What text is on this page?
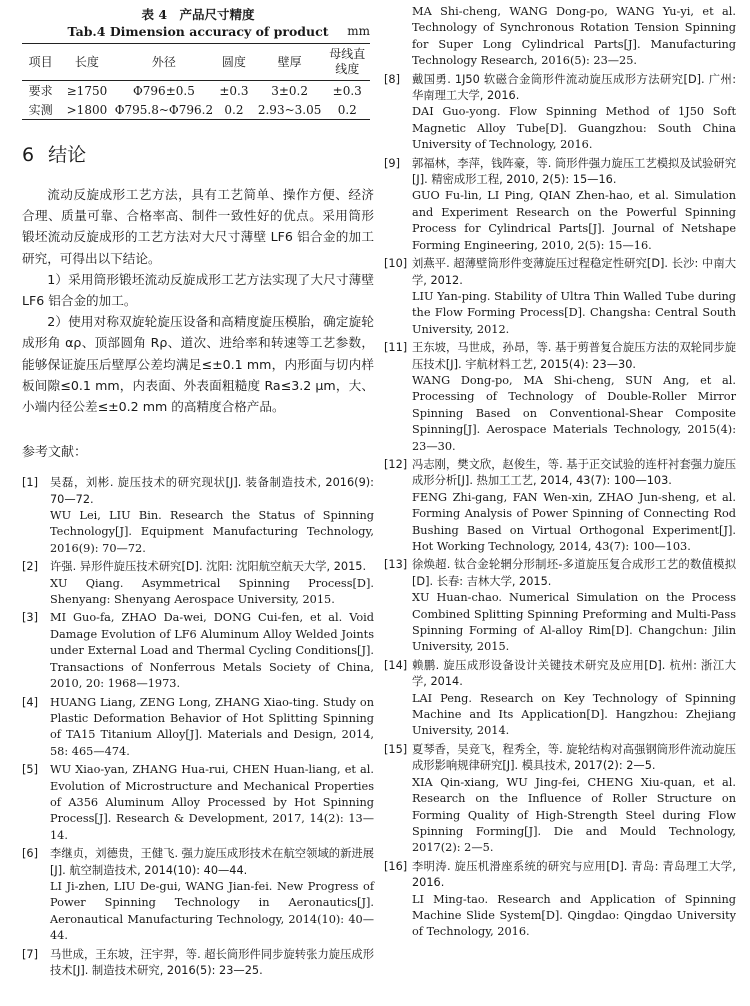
表 4　产品尺寸精度
Tab.4 Dimension accuracy of product mm
项目	长度	外径	圆度	壁厚	母线直线度
要求	≥1750	Φ796±0.5	±0.3	3±0.2	±0.3
实测	>1800	Φ795.8~Φ796.2	0.2	2.93~3.05	0.2
6 结论

流动反旋成形工艺方法，具有工艺简单、操作方便、经济合理、质量可靠、合格率高、制件一致性好的优点。采用筒形锻坯流动反旋成形的工艺方法对大尺寸薄壁 LF6 铝合金的加工研究，可得出以下结论。

1）采用筒形锻坯流动反旋成形工艺方法实现了大尺寸薄壁 LF6 铝合金的加工。

2）使用对称双旋轮旋压设备和高精度旋压模胎，确定旋轮成形角 αρ、顶部圆角 Rρ、道次、进给率和转速等工艺参数，能够保证旋压后壁厚公差均满足≤±0.1 mm，内形面与切内样板间隙≤0.1 mm，内表面、外表面粗糙度 Ra≤3.2 μm，大、小端内径公差≤±0.2 mm 的高精度合格产品。

参考文献：
[1]	吴磊，刘彬. 旋压技术的研究现状[J]. 装备制造技术, 2016(9): 70—72.
WU Lei, LIU Bin. Research the Status of Spinning Technology[J]. Equipment Manufacturing Technology, 2016(9): 70—72.
[2]	许强. 异形件旋压技术研究[D]. 沈阳: 沈阳航空航天大学, 2015.
XU Qiang. Asymmetrical Spinning Process[D]. Shenyang: Shenyang Aerospace University, 2015.
[3]	MI Guo-fa, ZHAO Da-wei, DONG Cui-fen, et al. Void Damage Evolution of LF6 Aluminum Alloy Welded Joints under External Load and Thermal Cycling Conditions[J]. Transactions of Nonferrous Metals Society of China, 2010, 20: 1968—1973.
[4]	HUANG Liang, ZENG Long, ZHANG Xiao-ting. Study on Plastic Deformation Behavior of Hot Splitting Spinning of TA15 Titanium Alloy[J]. Materials and Design, 2014, 58: 465—474.
[5]	WU Xiao-yan, ZHANG Hua-rui, CHEN Huan-liang, et al. Evolution of Microstructure and Mechanical Properties of A356 Aluminum Alloy Processed by Hot Spinning Process[J]. Research & Development, 2017, 14(2): 13—14.
[6]	李继贞，刘德贵，王健飞. 强力旋压成形技术在航空领域的新进展[J]. 航空制造技术, 2014(10): 40—44.
LI Ji-zhen, LIU De-gui, WANG Jian-fei. New Progress of Power Spinning Technology in Aeronautics[J]. Aeronautical Manufacturing Technology, 2014(10): 40—44.
[7]	马世成，王东坡，汪宇羿，等. 超长筒形件同步旋转张力旋压成形技术[J]. 制造技术研究, 2016(5): 23—25.
MA Shi-cheng, WANG Dong-po, WANG Yu-yi, et al. Technology of Synchronous Rotation Tension Spinning for Super Long Cylindrical Parts[J]. Manufacturing Technology Research, 2016(5): 23—25.
[8]	戴国勇. 1J50 软磁合金筒形件流动旋压成形方法研究[D]. 广州: 华南理工大学, 2016.
DAI Guo-yong. Flow Spinning Method of 1J50 Soft Magnetic Alloy Tube[D]. Guangzhou: South China University of Technology, 2016.
[9]	郭福林，李萍，钱阵豪，等. 筒形件强力旋压工艺模拟及试验研究[J]. 精密成形工程, 2010, 2(5): 15—16.
GUO Fu-lin, LI Ping, QIAN Zhen-hao, et al. Simulation and Experiment Research on the Powerful Spinning Process for Cylindrical Parts[J]. Journal of Netshape Forming Engineering, 2010, 2(5): 15—16.
[10] 刘燕平. 超薄壁筒形件变薄旋压过程稳定性研究[D]. 长沙: 中南大学, 2012.
LIU Yan-ping. Stability of Ultra Thin Walled Tube during the Flow Forming Process[D]. Changsha: Central South University, 2012.
[11] 王东坡，马世成，孙昂，等. 基于剪普复合旋压方法的双轮同步旋压技术[J]. 宇航材料工艺, 2015(4): 23—30.
WANG Dong-po, MA Shi-cheng, SUN Ang, et al. Processing of Technology of Double-Roller Mirror Spinning Based on Conventional-Shear Composite Spinning[J]. Aerospace Materials Technology, 2015(4): 23—30.
[12] 冯志刚，樊文欣，赵俊生，等. 基于正交试验的连杆衬套强力旋压成形分析[J]. 热加工工艺, 2014, 43(7): 100—103.
FENG Zhi-gang, FAN Wen-xin, ZHAO Jun-sheng, et al. Forming Analysis of Power Spinning of Connecting Rod Bushing Based on Virtual Orthogonal Experiment[J]. Hot Working Technology, 2014, 43(7): 100—103.
[13] 徐焕超. 钛合金轮辋分形制坯-多道旋压复合成形工艺的数值模拟[D]. 长春: 吉林大学, 2015.
XU Huan-chao. Numerical Simulation on the Process Combined Splitting Spinning Preforming and Multi-Pass Spinning Forming of Al-alloy Rim[D]. Changchun: Jilin University, 2015.
[14] 赖鹏. 旋压成形设备设计关键技术研究及应用[D]. 杭州: 浙江大学, 2014.
LAI Peng. Research on Key Technology of Spinning Machine and Its Application[D]. Hangzhou: Zhejiang University, 2014.
[15] 夏琴香，吴竞飞，程秀全，等. 旋轮结构对高强钢筒形件流动旋压成形影响规律研究[J]. 模具技术, 2017(2): 2—5.
XIA Qin-xiang, WU Jing-fei, CHENG Xiu-quan, et al. Research on the Influence of Roller Structure on Forming Quality of High-Strength Steel during Flow Spinning Forming[J]. Die and Mould Technology, 2017(2): 2—5.
[16] 李明涛. 旋压机滑座系统的研究与应用[D]. 青岛: 青岛理工大学, 2016.
LI Ming-tao. Research and Application of Spinning Machine Slide System[D]. Qingdao: Qingdao University of Technology, 2016.
